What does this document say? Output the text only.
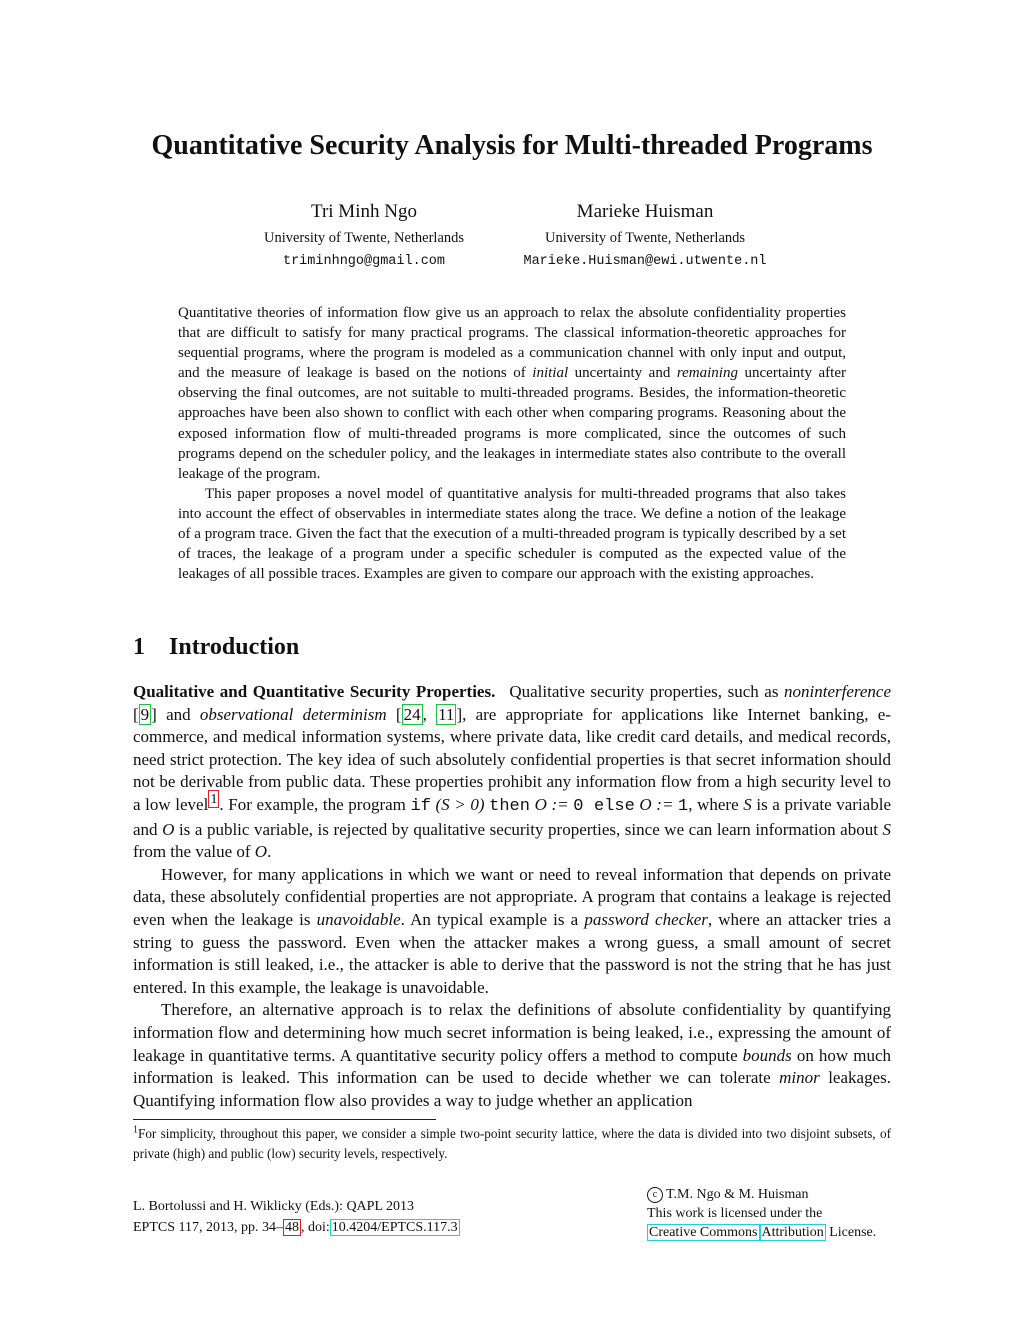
Quantitative Security Analysis for Multi-threaded Programs
Tri Minh Ngo
University of Twente, Netherlands
triminhngo@gmail.com
Marieke Huisman
University of Twente, Netherlands
Marieke.Huisman@ewi.utwente.nl

Quantitative theories of information flow give us an approach to relax the absolute confidentiality properties that are difficult to satisfy for many practical programs. The classical information-theoretic approaches for sequential programs, where the program is modeled as a communication channel with only input and output, and the measure of leakage is based on the notions of initial uncertainty and remaining uncertainty after observing the final outcomes, are not suitable to multi-threaded programs. Besides, the information-theoretic approaches have been also shown to conflict with each other when comparing programs. Reasoning about the exposed information flow of multi-threaded programs is more complicated, since the outcomes of such programs depend on the scheduler policy, and the leakages in intermediate states also contribute to the overall leakage of the program.

This paper proposes a novel model of quantitative analysis for multi-threaded programs that also takes into account the effect of observables in intermediate states along the trace. We define a notion of the leakage of a program trace. Given the fact that the execution of a multi-threaded program is typically described by a set of traces, the leakage of a program under a specific scheduler is computed as the expected value of the leakages of all possible traces. Examples are given to compare our approach with the existing approaches.

1 Introduction

Qualitative and Quantitative Security Properties. Qualitative security properties, such as noninterference [ 9 ] and observational determinism [ 24 , 11 ], are appropriate for applications like Internet banking, e-commerce, and medical information systems, where private data, like credit card details, and medical records, need strict protection. The key idea of such absolutely confidential properties is that secret information should not be derivable from public data. These properties prohibit any information flow from a high security level to a low level $^1$ . For example, the program if (S > 0) then O := 0 else O := 1, where S is a private variable and O is a public variable, is rejected by qualitative security properties, since we can learn information about S from the value of O.

However, for many applications in which we want or need to reveal information that depends on private data, these absolutely confidential properties are not appropriate. A program that contains a leakage is rejected even when the leakage is unavoidable. An typical example is a password checker, where an attacker tries a string to guess the password. Even when the attacker makes a wrong guess, a small amount of secret information is still leaked, i.e., the attacker is able to derive that the password is not the string that he has just entered. In this example, the leakage is unavoidable.

Therefore, an alternative approach is to relax the definitions of absolute confidentiality by quantifying information flow and determining how much secret information is being leaked, i.e., expressing the amount of leakage in quantitative terms. A quantitative security policy offers a method to compute bounds on how much information is leaked. This information can be used to decide whether we can tolerate minor leakages. Quantifying information flow also provides a way to judge whether an application

$^1$For simplicity, throughout this paper, we consider a simple two-point security lattice, where the data is divided into two disjoint subsets, of private (high) and public (low) security levels, respectively.
L. Bortolussi and H. Wiklicky (Eds.): QAPL 2013
EPTCS 117, 2013, pp. 34– 48 , doi: 10.4204/EPTCS.117.3
c T.M. Ngo & M. Huisman
This work is licensed under the
Creative Commons Attribution License.
